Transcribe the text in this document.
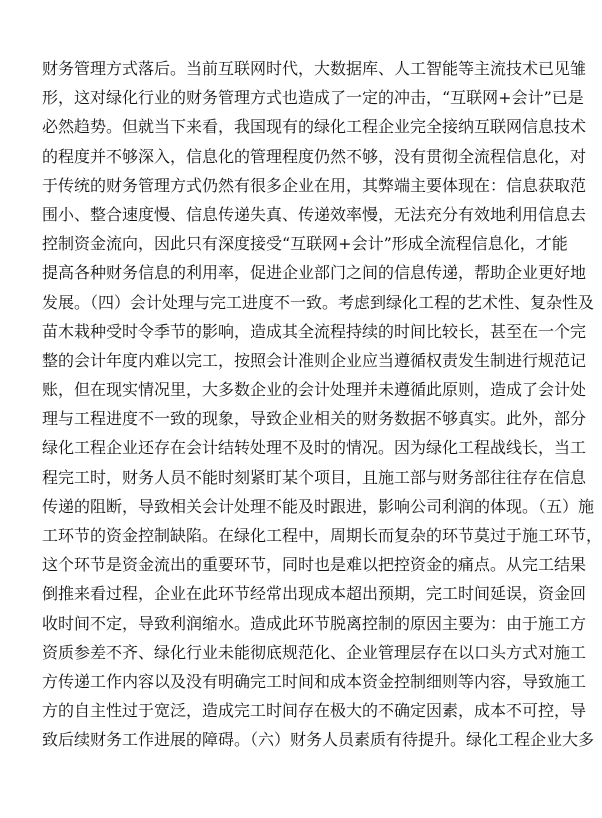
财务管理方式落后。当前互联网时代，大数据库、人工智能等主流技术已见雏
形，这对绿化行业的财务管理方式也造成了一定的冲击，“互联网+会计”已是
必然趋势。但就当下来看，我国现有的绿化工程企业完全接纳互联网信息技术
的程度并不够深入，信息化的管理程度仍然不够，没有贯彻全流程信息化，对
于传统的财务管理方式仍然有很多企业在用，其弊端主要体现在：信息获取范
围小、整合速度慢、信息传递失真、传递效率慢，无法充分有效地利用信息去
控制资金流向，因此只有深度接受“互联网+会计”形成全流程信息化，才能
提高各种财务信息的利用率，促进企业部门之间的信息传递，帮助企业更好地
发展。（四）会计处理与完工进度不一致。考虑到绿化工程的艺术性、复杂性及
苗木栽种受时令季节的影响，造成其全流程持续的时间比较长，甚至在一个完
整的会计年度内难以完工，按照会计准则企业应当遵循权责发生制进行规范记
账，但在现实情况里，大多数企业的会计处理并未遵循此原则，造成了会计处
理与工程进度不一致的现象，导致企业相关的财务数据不够真实。此外，部分
绿化工程企业还存在会计结转处理不及时的情况。因为绿化工程战线长，当工
程完工时，财务人员不能时刻紧盯某个项目，且施工部与财务部往往存在信息
传递的阻断，导致相关会计处理不能及时跟进，影响公司利润的体现。（五）施
工环节的资金控制缺陷。在绿化工程中，周期长而复杂的环节莫过于施工环节，
这个环节是资金流出的重要环节，同时也是难以把控资金的痛点。从完工结果
倒推来看过程，企业在此环节经常出现成本超出预期，完工时间延误，资金回
收时间不定，导致利润缩水。造成此环节脱离控制的原因主要为：由于施工方
资质参差不齐、绿化行业未能彻底规范化、企业管理层存在以口头方式对施工
方传递工作内容以及没有明确完工时间和成本资金控制细则等内容，导致施工
方的自主性过于宽泛，造成完工时间存在极大的不确定因素，成本不可控，导
致后续财务工作进展的障碍。（六）财务人员素质有待提升。绿化工程企业大多
